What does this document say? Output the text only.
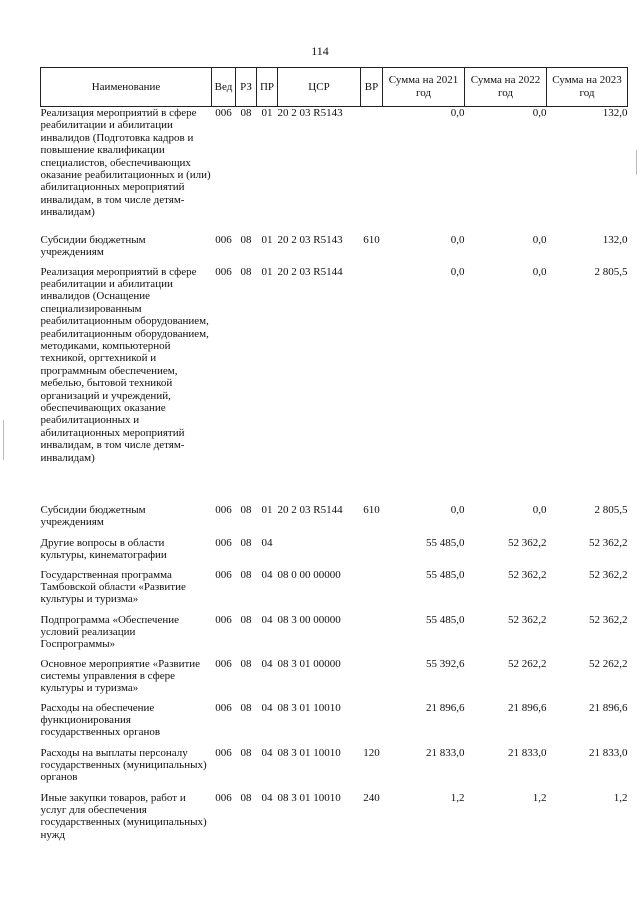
114
Наименование	Вед	РЗ	ПР	ЦСР	ВР	Сумма на 2021 год	Сумма на 2022 год	Сумма на 2023 год
Реализация мероприятий в сфере реабилитации и абилитации инвалидов (Подготовка кадров и повышение квалификации специалистов, обеспечивающих оказание реабилитационных и (или) абилитационных мероприятий инвалидам, в том числе детям-инвалидам)	006	08	01	20 2 03 R5143		0,0	0,0	132,0
Субсидии бюджетным учреждениям	006	08	01	20 2 03 R5143	610	0,0	0,0	132,0
Реализация мероприятий в сфере реабилитации и абилитации инвалидов (Оснащение специализированным реабилитационным оборудованием, реабилитационным оборудованием, методиками, компьютерной техникой, оргтехникой и программным обеспечением, мебелью, бытовой техникой организаций и учреждений, обеспечивающих оказание реабилитационных и абилитационных мероприятий инвалидам, в том числе детям-инвалидам)	006	08	01	20 2 03 R5144		0,0	0,0	2 805,5
Субсидии бюджетным учреждениям	006	08	01	20 2 03 R5144	610	0,0	0,0	2 805,5
Другие вопросы в области культуры, кинематографии	006	08	04			55 485,0	52 362,2	52 362,2
Государственная программа Тамбовской области «Развитие культуры и туризма»	006	08	04	08 0 00 00000		55 485,0	52 362,2	52 362,2
Подпрограмма «Обеспечение условий реализации Госпрограммы»	006	08	04	08 3 00 00000		55 485,0	52 362,2	52 362,2
Основное мероприятие «Развитие системы управления в сфере культуры и туризма»	006	08	04	08 3 01 00000		55 392,6	52 262,2	52 262,2
Расходы на обеспечение функционирования государственных органов	006	08	04	08 3 01 10010		21 896,6	21 896,6	21 896,6
Расходы на выплаты персоналу государственных (муниципальных) органов	006	08	04	08 3 01 10010	120	21 833,0	21 833,0	21 833,0
Иные закупки товаров, работ и услуг для обеспечения государственных (муниципальных) нужд	006	08	04	08 3 01 10010	240	1,2	1,2	1,2
